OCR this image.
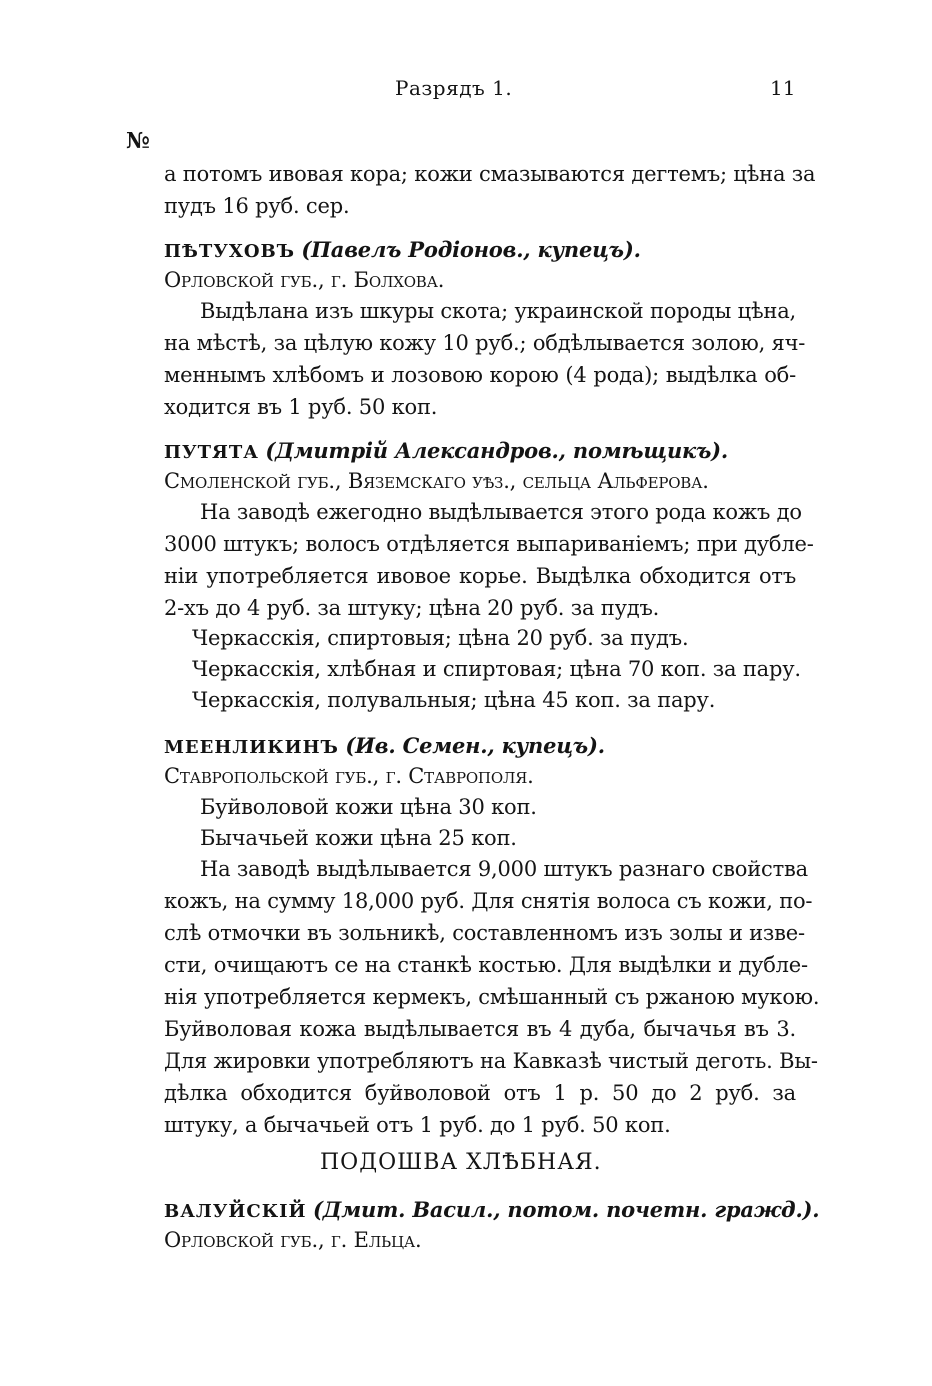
Разрядъ 1.	11
№
а потомъ ивовая кора; кожи смазываются дегтемъ; цѣна за
пудъ 16 руб. сер.
ПѢТУХОВЪ (Павелъ Родіонов., купецъ).
Орловской губ., г. Болхова.
Выдѣлана изъ шкуры скота; украинской породы цѣна,
на мѣстѣ, за цѣлую кожу 10 руб.; обдѣлывается золою, яч-
меннымъ хлѣбомъ и лозовою корою (4 рода); выдѣлка об-
ходится въ 1 руб. 50 коп.
ПУТЯТА (Дмитрій Александров., помѣщикъ).
Смоленской губ., Вяземскаго уѣз., сельца Альферова.
На заводѣ ежегодно выдѣлывается этого рода кожъ до
3000 штукъ; волосъ отдѣляется выпариваніемъ; при дубле-
ніи употребляется ивовое корье. Выдѣлка обходится отъ
2-хъ до 4 руб. за штуку; цѣна 20 руб. за пудъ.
Черкасскія, спиртовыя; цѣна 20 руб. за пудъ.
Черкасскія, хлѣбная и спиртовая; цѣна 70 коп. за пару.
Черкасскія, полувальныя; цѣна 45 коп. за пару.
МЕЕНЛИКИНЪ (Ив. Семен., купецъ).
Ставропольской губ., г. Ставрополя.
Буйволовой кожи цѣна 30 коп.
Бычачьей кожи цѣна 25 коп.
На заводѣ выдѣлывается 9,000 штукъ разнаго свойства
кожъ, на сумму 18,000 руб. Для снятія волоса съ кожи, по-
слѣ отмочки въ зольникѣ, составленномъ изъ золы и изве-
сти, очищаютъ се на станкѣ костью. Для выдѣлки и дубле-
нія употребляется кермекъ, смѣшанный съ ржаною мукою.
Буйволовая кожа выдѣлывается въ 4 дуба, бычачья въ 3.
Для жировки употребляютъ на Кавказѣ чистый деготь. Вы-
дѣлка обходится буйволовой отъ 1 р. 50 до 2 руб. за
штуку, а бычачьей отъ 1 руб. до 1 руб. 50 коп.
ПОДОШВА ХЛѢБНАЯ.
ВАЛУЙСКІЙ (Дмит. Васил., потом. почетн. гражд.).
Орловской губ., г. Ельца.
